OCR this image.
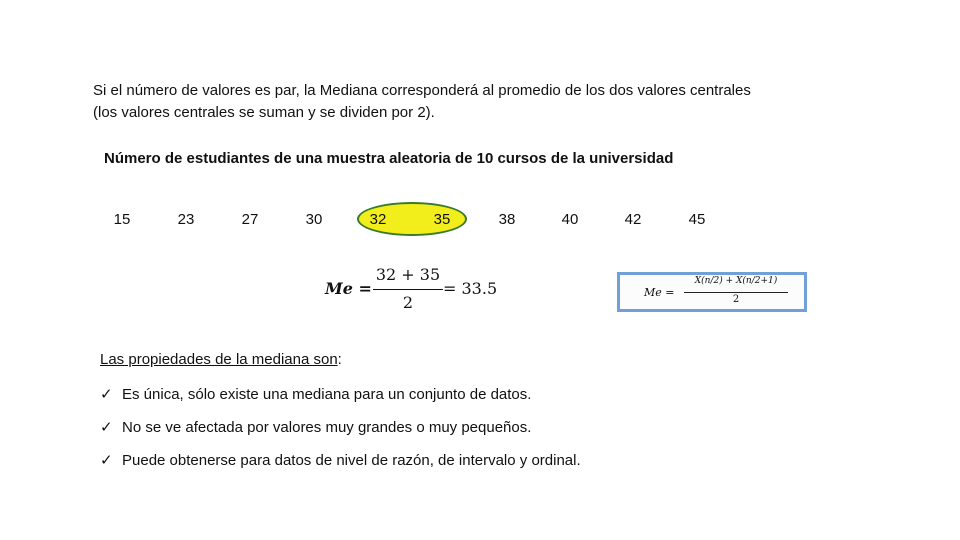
Si el número de valores es par, la Mediana corresponderá al promedio de los dos valores centrales
(los valores centrales se suman y se dividen por 2).
Número de estudiantes de una muestra aleatoria de 10 cursos de la universidad
15	23	27	30	32	35	38	40	42	45
Me =
32 + 35
2
= 33.5	Me =
X(n/2) + X(n/2+1)
2
Las propiedades de la mediana son:
✓ Es única, sólo existe una mediana para un conjunto de datos.
✓ No se ve afectada por valores muy grandes o muy pequeños.
✓ Puede obtenerse para datos de nivel de razón, de intervalo y ordinal.
